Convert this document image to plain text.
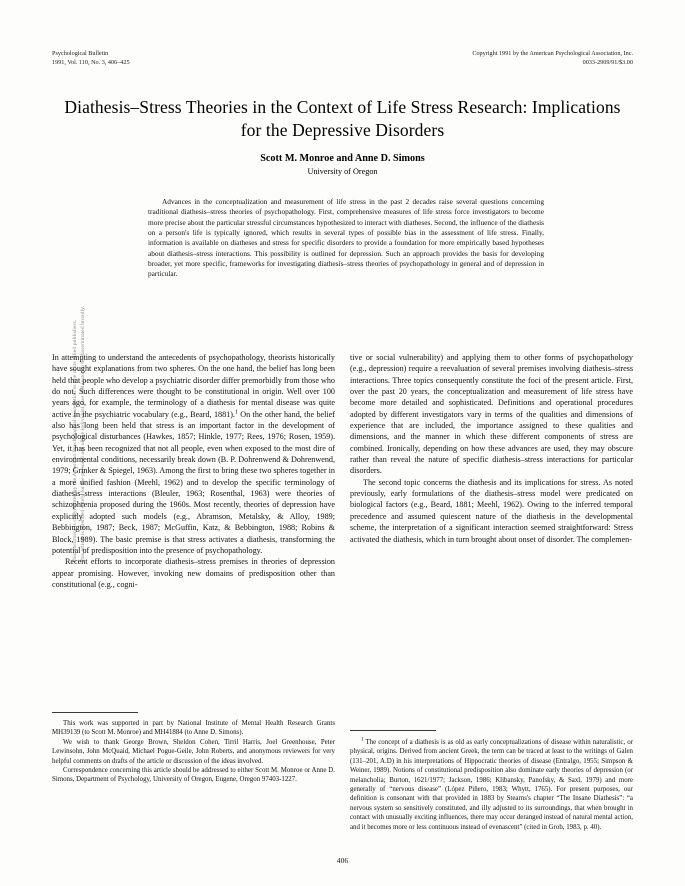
This document is copyrighted by the American Psychological Association or one of its allied publishers. This article is intended solely for the personal use of the individual user and is not to be disseminated broadly.
Psychological Bulletin
1991, Vol. 110, No. 3, 406–425
Copyright 1991 by the American Psychological Association, Inc.
0033-2909/91/$3.00
Diathesis–Stress Theories in the Context of Life Stress Research: Implications for the Depressive Disorders
Scott M. Monroe and Anne D. Simons
University of Oregon
Advances in the conceptualization and measurement of life stress in the past 2 decades raise several questions concerning traditional diathesis–stress theories of psychopathology. First, comprehensive measures of life stress force investigators to become more precise about the particular stressful circumstances hypothesized to interact with diatheses. Second, the influence of the diathesis on a person's life is typically ignored, which results in several types of possible bias in the assessment of life stress. Finally, information is available on diatheses and stress for specific disorders to provide a foundation for more empirically based hypotheses about diathesis–stress interactions. This possibility is outlined for depression. Such an approach provides the basis for developing broader, yet more specific, frameworks for investigating diathesis–stress theories of psychopathology in general and of depression in particular.

In attempting to understand the antecedents of psychopathology, theorists historically have sought explanations from two spheres. On the one hand, the belief has long been held that people who develop a psychiatric disorder differ premorbidly from those who do not. Such differences were thought to be constitutional in origin. Well over 100 years ago, for example, the terminology of a diathesis for mental disease was quite active in the psychiatric vocabulary (e.g., Beard, 1881).$^1$ On the other hand, the belief also has long been held that stress is an important factor in the development of psychological disturbances (Hawkes, 1857; Hinkle, 1977; Rees, 1976; Rosen, 1959). Yet, it has been recognized that not all people, even when exposed to the most dire of environmental conditions, necessarily break down (B. P. Dohrenwend & Dohrenwend, 1979; Grinker & Spiegel, 1963). Among the first to bring these two spheres together in a more unified fashion (Meehl, 1962) and to develop the specific terminology of diathesis–stress interactions (Bleuler, 1963; Rosenthal, 1963) were theories of schizophrenia proposed during the 1960s. Most recently, theories of depression have explicitly adopted such models (e.g., Abramson, Metalsky, & Alloy, 1989; Bebbington, 1987; Beck, 1987; McGuffin, Katz, & Bebbington, 1988; Robins & Block, 1989). The basic premise is that stress activates a diathesis, transforming the potential of predisposition into the presence of psychopathology.

Recent efforts to incorporate diathesis–stress premises in theories of depression appear promising. However, invoking new domains of predisposition other than constitutional (e.g., cogni-

tive or social vulnerability) and applying them to other forms of psychopathology (e.g., depression) require a reevaluation of several premises involving diathesis–stress interactions. Three topics consequently constitute the foci of the present article. First, over the past 20 years, the conceptualization and measurement of life stress have become more detailed and sophisticated. Definitions and operational procedures adopted by different investigators vary in terms of the qualities and dimensions of experience that are included, the importance assigned to these qualities and dimensions, and the manner in which these different components of stress are combined. Ironically, depending on how these advances are used, they may obscure rather than reveal the nature of specific diathesis–stress interactions for particular disorders.

The second topic concerns the diathesis and its implications for stress. As noted previously, early formulations of the diathesis–stress model were predicated on biological factors (e.g., Beard, 1881; Meehl, 1962). Owing to the inferred temporal precedence and assumed quiescent nature of the diathesis in the developmental scheme, the interpretation of a significant interaction seemed straightforward: Stress activated the diathesis, which in turn brought about onset of disorder. The complemen-

This work was supported in part by National Institute of Mental Health Research Grants MH39139 (to Scott M. Monroe) and MH41884 (to Anne D. Simons).

We wish to thank George Brown, Sheldon Cohen, Tirril Harris, Joel Greenhouse, Peter Lewinsohn, John McQuaid, Michael Pogue-Geile, John Roberts, and anonymous reviewers for very helpful comments on drafts of the article or discussion of the ideas involved.

Correspondence concerning this article should be addressed to either Scott M. Monroe or Anne D. Simons, Department of Psychology, University of Oregon, Eugene, Oregon 97403-1227.

$^1$ The concept of a diathesis is as old as early conceptualizations of disease within naturalistic, or physical, origins. Derived from ancient Greek, the term can be traced at least to the writings of Galen (131–201, A.D) in his interpretations of Hippocratic theories of disease (Entralgo, 1955; Simpson & Weiner, 1989). Notions of constitutional predisposition also dominate early theories of depression (or melancholia; Burton, 1621/1977; Jackson, 1986; Klibansky, Panofsky, & Saxl, 1979) and more generally of “nervous disease” (López Piñero, 1983; Whytt, 1765). For present purposes, our definition is consonant with that provided in 1883 by Stearns's chapter “The Insane Diathesis”: “a nervous system so sensitively constituted, and illy adjusted to its surroundings, that when brought in contact with unusually exciting influences, there may occur deranged instead of natural mental action, and it becomes more or less continuous instead of evenascent” (cited in Grob, 1983, p. 40).

406
